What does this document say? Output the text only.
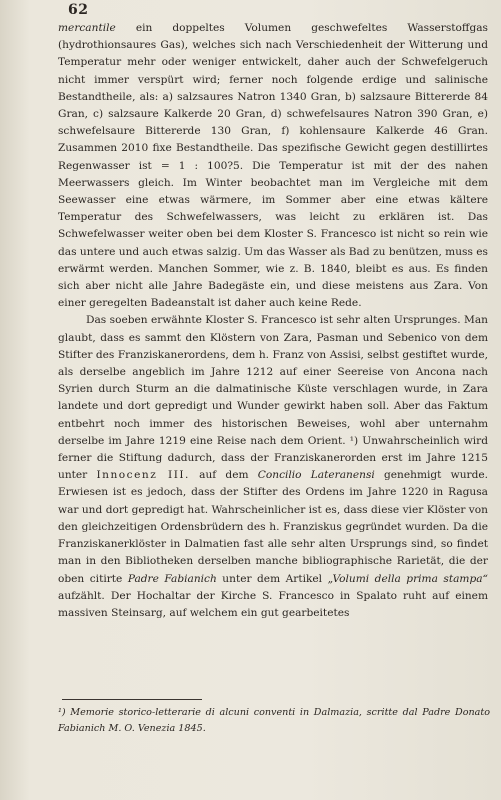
62

mercantile ein doppeltes Volumen geschwefeltes Wasserstoffgas (hydrothionsaures Gas), welches sich nach Verschiedenheit der Witterung und Temperatur mehr oder weniger entwickelt, daher auch der Schwefelgeruch nicht immer verspürt wird; ferner noch folgende erdige und salinische Bestandtheile, als: a) salzsaures Natron 1340 Gran, b) salzsaure Bittererde 84 Gran, c) salzsaure Kalkerde 20 Gran, d) schwefelsaures Natron 390 Gran, e) schwefelsaure Bittererde 130 Gran, f) kohlensaure Kalkerde 46 Gran. Zusammen 2010 fixe Bestandtheile. Das spezifische Gewicht gegen destillirtes Regenwasser ist = 1 : 100?5. Die Temperatur ist mit der des nahen Meerwassers gleich. Im Winter beobachtet man im Vergleiche mit dem Seewasser eine etwas wärmere, im Sommer aber eine etwas kältere Temperatur des Schwefelwassers, was leicht zu erklären ist. Das Schwefelwasser weiter oben bei dem Kloster S. Francesco ist nicht so rein wie das untere und auch etwas salzig. Um das Wasser als Bad zu benützen, muss es erwärmt werden. Manchen Sommer, wie z. B. 1840, bleibt es aus. Es finden sich aber nicht alle Jahre Badegäste ein, und diese meistens aus Zara. Von einer geregelten Badeanstalt ist daher auch keine Rede.

Das soeben erwähnte Kloster S. Francesco ist sehr alten Ursprunges. Man glaubt, dass es sammt den Klöstern von Zara, Pasman und Sebenico von dem Stifter des Franziskanerordens, dem h. Franz von Assisi, selbst gestiftet wurde, als derselbe angeblich im Jahre 1212 auf einer Seereise von Ancona nach Syrien durch Sturm an die dalmatinische Küste verschlagen wurde, in Zara landete und dort gepredigt und Wunder gewirkt haben soll. Aber das Faktum entbehrt noch immer des historischen Beweises, wohl aber unternahm derselbe im Jahre 1219 eine Reise nach dem Orient. ¹) Unwahrscheinlich wird ferner die Stiftung dadurch, dass der Franziskanerorden erst im Jahre 1215 unter Innocenz III. auf dem Concilio Lateranensi genehmigt wurde. Erwiesen ist es jedoch, dass der Stifter des Ordens im Jahre 1220 in Ragusa war und dort gepredigt hat. Wahrscheinlicher ist es, dass diese vier Klöster von den gleichzeitigen Ordensbrüdern des h. Franziskus gegründet wurden. Da die Franziskanerklöster in Dalmatien fast alle sehr alten Ursprungs sind, so findet man in den Bibliotheken derselben manche bibliographische Rarietät, die der oben citirte Padre Fabianich unter dem Artikel „Volumi della prima stampa“ aufzählt. Der Hochaltar der Kirche S. Francesco in Spalato ruht auf einem massiven Steinsarg, auf welchem ein gut gearbeitetes

¹) Memorie storico-letterarie di alcuni conventi in Dalmazia, scritte dal Padre Donato Fabianich M. O. Venezia 1845.
